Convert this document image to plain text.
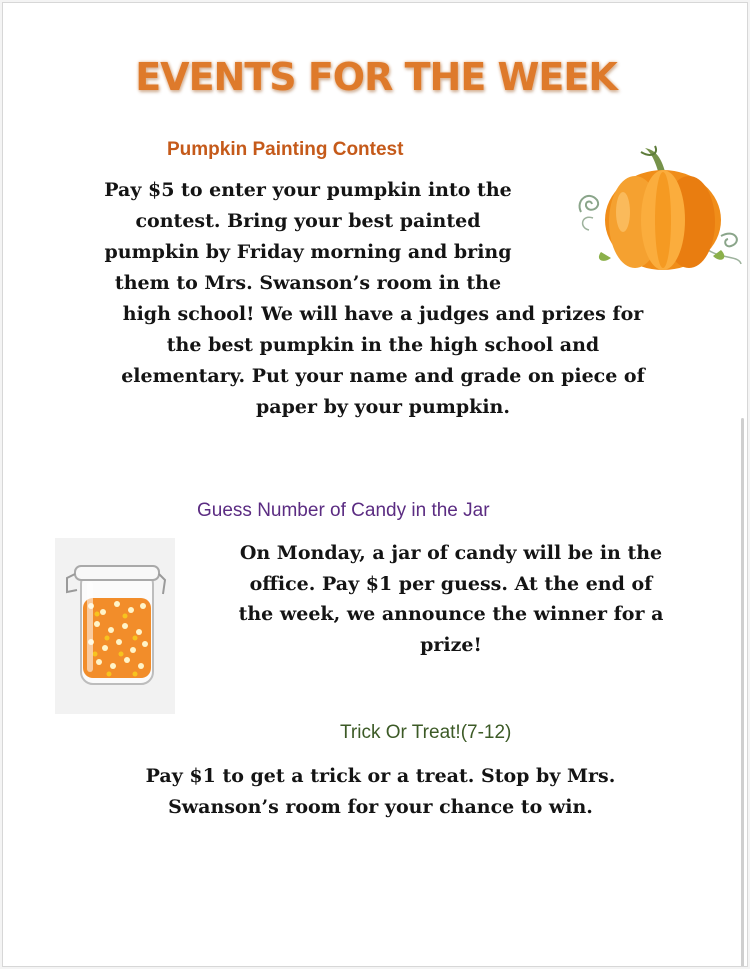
EVENTS FOR THE WEEK
Pumpkin Painting Contest
Pay $5 to enter your pumpkin into the
contest. Bring your best painted
pumpkin by Friday morning and bring
them to Mrs. Swanson’s room in the
high school! We will have a judges and prizes for
the best pumpkin in the high school and
elementary. Put your name and grade on piece of
paper by your pumpkin.
Guess Number of Candy in the Jar
On Monday, a jar of candy will be in the
office. Pay $1 per guess. At the end of
the week, we announce the winner for a
prize!
Trick Or Treat!(7-12)
Pay $1 to get a trick or a treat. Stop by Mrs.
Swanson’s room for your chance to win.
